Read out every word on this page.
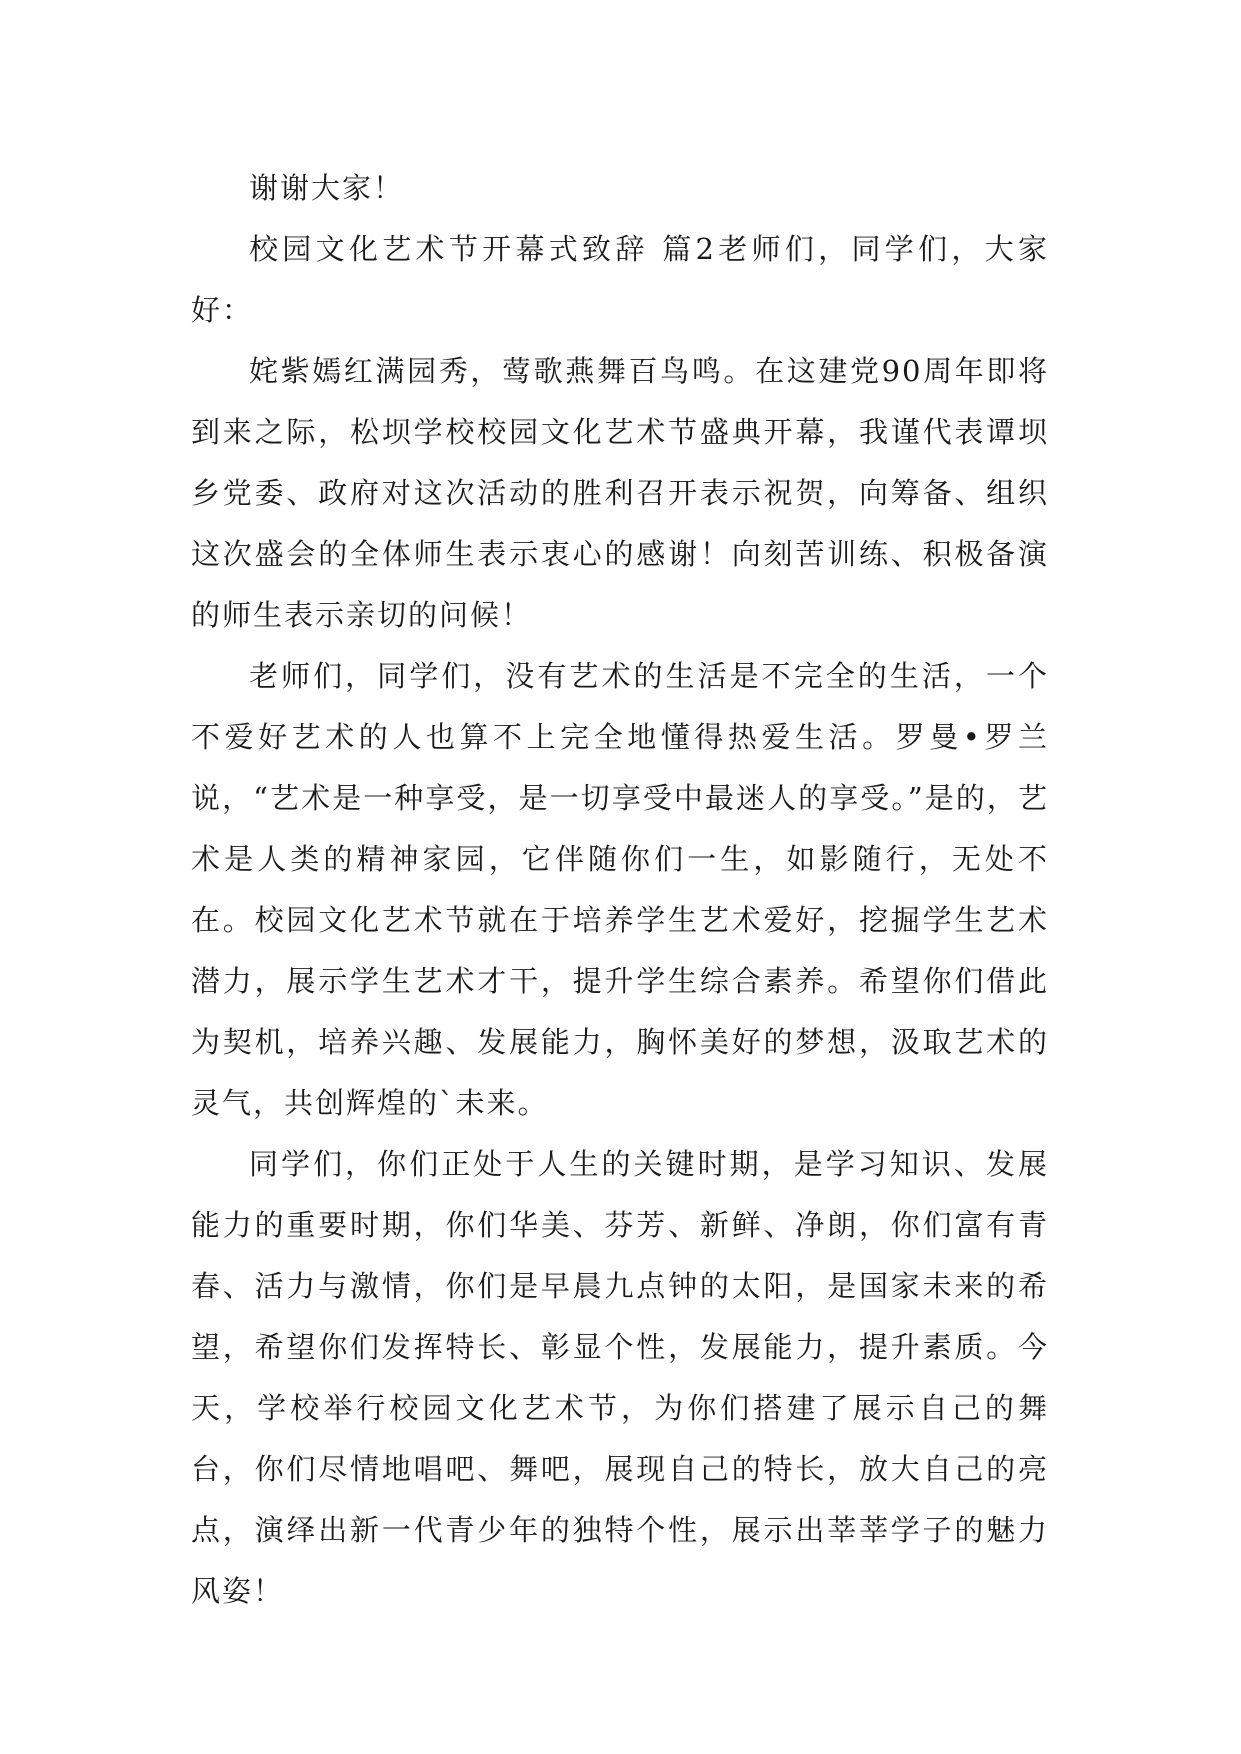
谢谢大家！

校园文化艺术节开幕式致辞 篇2老师们，同学们，大家好：

姹紫嫣红满园秀，莺歌燕舞百鸟鸣。在这建党90周年即将到来之际，松坝学校校园文化艺术节盛典开幕，我谨代表谭坝乡党委、政府对这次活动的胜利召开表示祝贺，向筹备、组织这次盛会的全体师生表示衷心的感谢！向刻苦训练、积极备演的师生表示亲切的问候！

老师们，同学们，没有艺术的生活是不完全的生活，一个不爱好艺术的人也算不上完全地懂得热爱生活。罗曼•罗兰说，“艺术是一种享受，是一切享受中最迷人的享受。”是的，艺术是人类的精神家园，它伴随你们一生，如影随行，无处不在。校园文化艺术节就在于培养学生艺术爱好，挖掘学生艺术潜力，展示学生艺术才干，提升学生综合素养。希望你们借此为契机，培养兴趣、发展能力，胸怀美好的梦想，汲取艺术的灵气，共创辉煌的`未来。

同学们，你们正处于人生的关键时期，是学习知识、发展能力的重要时期，你们华美、芬芳、新鲜、净朗，你们富有青春、活力与激情，你们是早晨九点钟的太阳，是国家未来的希望，希望你们发挥特长、彰显个性，发展能力，提升素质。今天，学校举行校园文化艺术节，为你们搭建了展示自己的舞台，你们尽情地唱吧、舞吧，展现自己的特长，放大自己的亮点，演绎出新一代青少年的独特个性，展示出莘莘学子的魅力风姿！
